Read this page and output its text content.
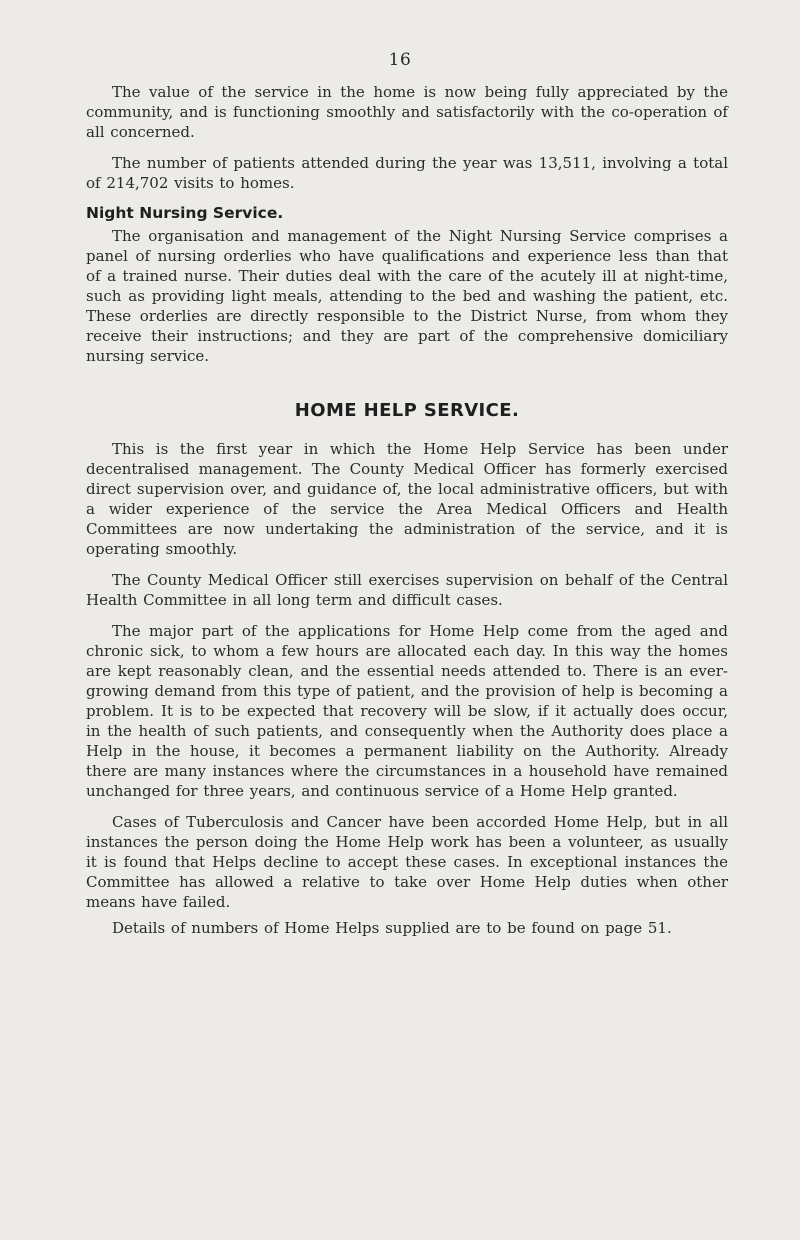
16

The value of the service in the home is now being fully appreciated by the community, and is functioning smoothly and satisfactorily with the co-operation of all concerned.

The number of patients attended during the year was 13,511, involving a total of 214,702 visits to homes.

Night Nursing Service.

The organisation and management of the Night Nursing Service comprises a panel of nursing orderlies who have qualifications and experience less than that of a trained nurse. Their duties deal with the care of the acutely ill at night-time, such as providing light meals, attending to the bed and washing the patient, etc. These orderlies are directly responsible to the District Nurse, from whom they receive their instructions; and they are part of the comprehensive domiciliary nursing service.

HOME HELP SERVICE.

This is the first year in which the Home Help Service has been under decentralised management. The County Medical Officer has formerly exercised direct supervision over, and guidance of, the local administrative officers, but with a wider experience of the service the Area Medical Officers and Health Committees are now undertaking the administration of the service, and it is operating smoothly.

The County Medical Officer still exercises supervision on behalf of the Central Health Committee in all long term and difficult cases.

The major part of the applications for Home Help come from the aged and chronic sick, to whom a few hours are allocated each day. In this way the homes are kept reasonably clean, and the essential needs attended to. There is an ever-growing demand from this type of patient, and the provision of help is becoming a problem. It is to be expected that recovery will be slow, if it actually does occur, in the health of such patients, and consequently when the Authority does place a Help in the house, it becomes a permanent liability on the Authority. Already there are many instances where the circumstances in a household have remained unchanged for three years, and continuous service of a Home Help granted.

Cases of Tuberculosis and Cancer have been accorded Home Help, but in all instances the person doing the Home Help work has been a volunteer, as usually it is found that Helps decline to accept these cases. In exceptional instances the Committee has allowed a relative to take over Home Help duties when other means have failed.

Details of numbers of Home Helps supplied are to be found on page 51.
